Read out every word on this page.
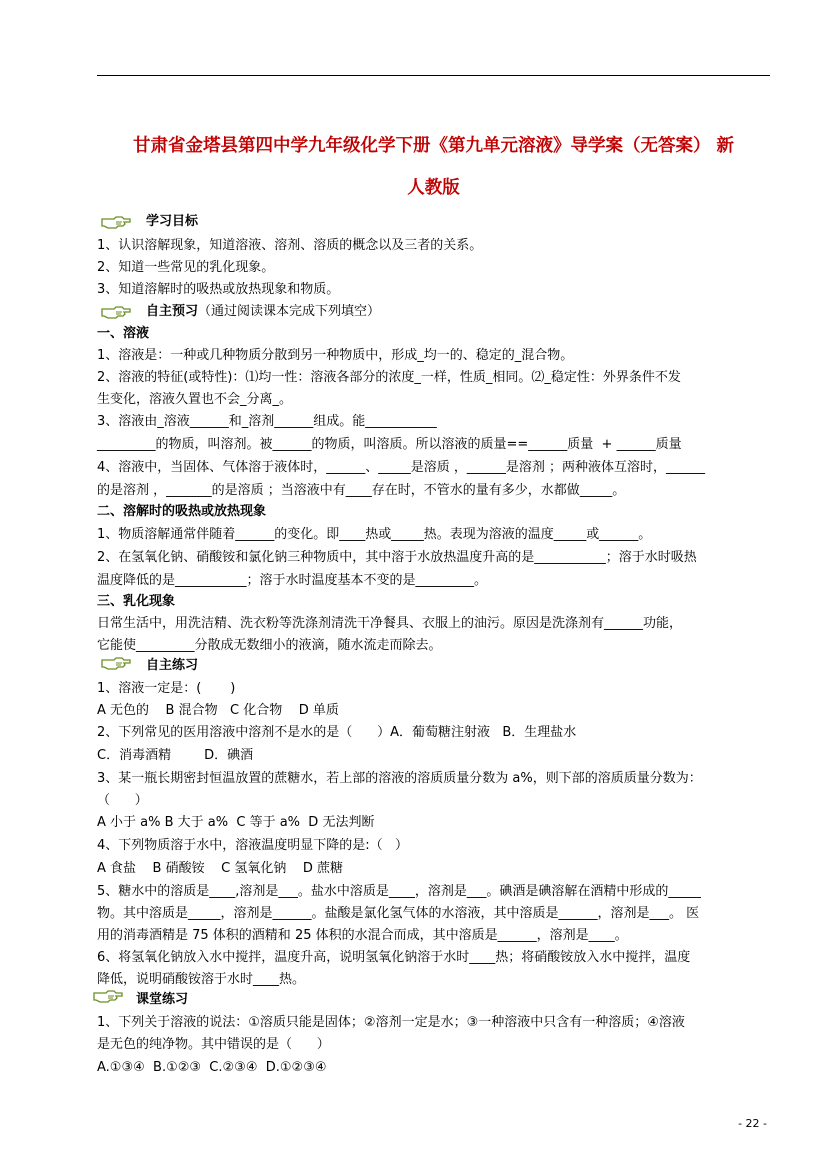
甘肃省金塔县第四中学九年级化学下册《第九单元溶液》导学案（无答案） 新
人教版
学习目标
1、认识溶解现象，知道溶液、溶剂、溶质的概念以及三者的关系。
2、知道一些常见的乳化现象。
3、知道溶解时的吸热或放热现象和物质。
自主预习（通过阅读课本完成下列填空）
一、溶液
1、溶液是：一种或几种物质分散到另一种物质中，形成_均一的、稳定的_混合物。
2、溶液的特征(或特性)：⑴均一性：溶液各部分的浓度_一样，性质_相同。⑵_稳定性：外界条件不发
生变化，溶液久置也不会_分离_。
3、溶液由_溶液______和_溶剂______组成。能___________
_________的物质，叫溶剂。被______的物质，叫溶质。所以溶液的质量==______质量  + ______质量
4、溶液中，当固体、气体溶于液体时，______、_____是溶质 ，______是溶剂 ；两种液体互溶时，______
的是溶剂 ，_______的是溶质 ；当溶液中有____存在时，不管水的量有多少，水都做_____。
二、溶解时的吸热或放热现象
1、物质溶解通常伴随着______的变化。即____热或_____热。表现为溶液的温度_____或______。
2、在氢氧化钠、硝酸铵和氯化钠三种物质中，其中溶于水放热温度升高的是___________；溶于水时吸热
温度降低的是___________；溶于水时温度基本不变的是_________。
三、乳化现象
日常生活中，用洗洁精、洗衣粉等洗涤剂清洗干净餐具、衣服上的油污。原因是洗涤剂有______功能，
它能使_________分散成无数细小的液滴，随水流走而除去。
自主练习
1、溶液一定是：(       )
A 无色的    B 混合物   C 化合物    D 单质
2、下列常见的医用溶液中溶剂不是水的是（      ）A．葡萄糖注射液   B．生理盐水
C．消毒酒精        D．碘酒
3、某一瓶长期密封恒温放置的蔗糖水，若上部的溶液的溶质质量分数为 a%，则下部的溶质质量分数为：
（      ）
A 小于 a% B 大于 a%  C 等于 a%  D 无法判断
4、下列物质溶于水中，溶液温度明显下降的是:（   ）
A 食盐    B 硝酸铵    C 氢氧化钠    D 蔗糖
5、糖水中的溶质是____,溶剂是___。盐水中溶质是____，溶剂是___。碘酒是碘溶解在酒精中形成的_____
物。其中溶质是_____，溶剂是______。盐酸是氯化氢气体的水溶液，其中溶质是______，溶剂是___。 医
用的消毒酒精是 75 体积的酒精和 25 体积的水混合而成，其中溶质是______，溶剂是____。
6、将氢氧化钠放入水中搅拌，温度升高，说明氢氧化钠溶于水时____热；将硝酸铵放入水中搅拌，温度
降低，说明硝酸铵溶于水时____热。
课堂练习
1、下列关于溶液的说法：①溶质只能是固体；②溶剂一定是水；③一种溶液中只含有一种溶质；④溶液
是无色的纯净物。其中错误的是（      ）
A.①③④  B.①②③  C.②③④  D.①②③④
- 22 -
